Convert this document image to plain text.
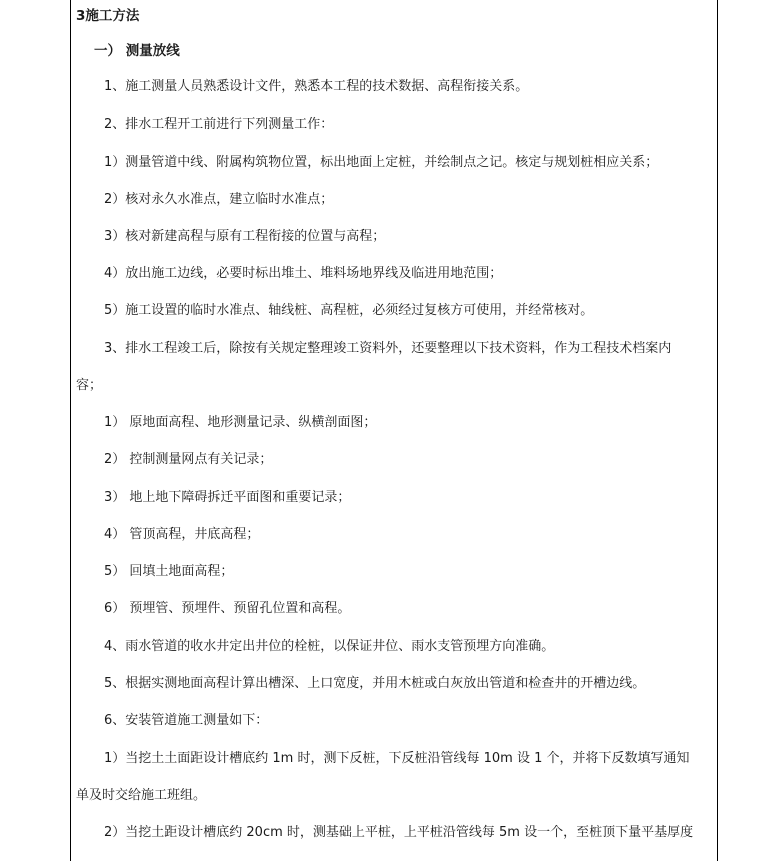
3施工方法
一） 测量放线
1、施工测量人员熟悉设计文件，熟悉本工程的技术数据、高程衔接关系。
2、排水工程开工前进行下列测量工作：
1）测量管道中线、附属构筑物位置，标出地面上定桩，并绘制点之记。核定与规划桩相应关系；
2）核对永久水准点，建立临时水准点；
3）核对新建高程与原有工程衔接的位置与高程；
4）放出施工边线，必要时标出堆土、堆料场地界线及临进用地范围；
5）施工设置的临时水准点、轴线桩、高程桩，必须经过复核方可使用，并经常核对。
3、排水工程竣工后，除按有关规定整理竣工资料外，还要整理以下技术资料，作为工程技术档案内
容；
1） 原地面高程、地形测量记录、纵横剖面图；
2） 控制测量网点有关记录；
3） 地上地下障碍拆迁平面图和重要记录；
4） 管顶高程，井底高程；
5） 回填土地面高程；
6） 预埋管、预埋件、预留孔位置和高程。
4、雨水管道的收水井定出井位的栓桩，以保证井位、雨水支管预埋方向准确。
5、根据实测地面高程计算出槽深、上口宽度，并用木桩或白灰放出管道和检查井的开槽边线。
6、安装管道施工测量如下：
1）当挖土土面距设计槽底约 1m 时，测下反桩，下反桩沿管线每 10m 设 1 个，并将下反数填写通知
单及时交给施工班组。
2）当挖土距设计槽底约 20cm 时，测基础上平桩，上平桩沿管线每 5m 设一个，至桩顶下量平基厚度
